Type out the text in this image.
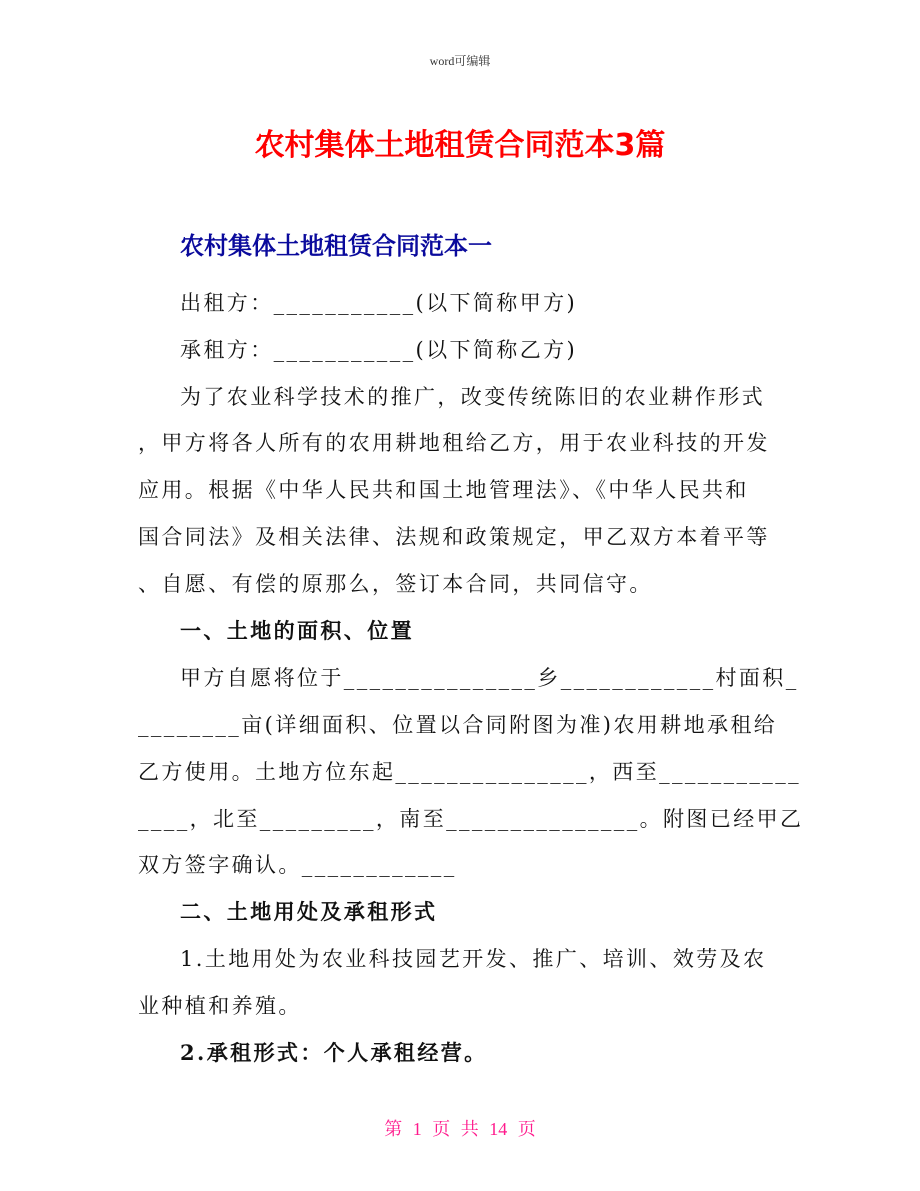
word可编辑
农村集体土地租赁合同范本3篇
农村集体土地租赁合同范本一
出租方：___________(以下简称甲方)
承租方：___________(以下简称乙方)
为了农业科学技术的推广，改变传统陈旧的农业耕作形式
，甲方将各人所有的农用耕地租给乙方，用于农业科技的开发
应用。根据《中华人民共和国土地管理法》、《中华人民共和
国合同法》及相关法律、法规和政策规定，甲乙双方本着平等
、自愿、有偿的原那么，签订本合同，共同信守。
一、土地的面积、位置
甲方自愿将位于_______________乡____________村面积_
________亩(详细面积、位置以合同附图为准)农用耕地承租给
乙方使用。土地方位东起_______________，西至___________
____，北至_________，南至_______________。附图已经甲乙
双方签字确认。____________
二、土地用处及承租形式
1.土地用处为农业科技园艺开发、推广、培训、效劳及农
业种植和养殖。
2.承租形式：个人承租经营。
第 1 页 共 14 页
